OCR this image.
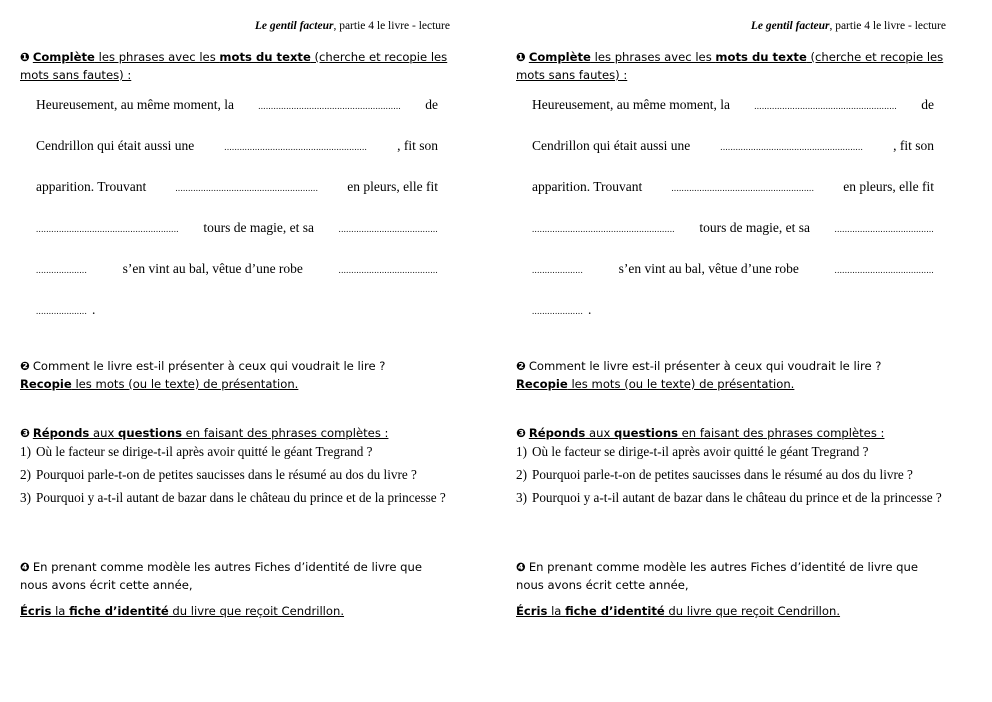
Le gentil facteur, partie 4 le livre - lecture
❶ Complète les phrases avec les mots du texte (cherche et recopie les mots sans fautes) :
Heureusement, au même moment, la	........................................................ de
Cendrillon qui était aussi une	........................................................ , fit son
apparition. Trouvant	........................................................ en pleurs, elle fit
........................................................ tours de magie, et sa	.......................................
....................	s’en vint au bal, vêtue d’une robe	.......................................
.................... .
❷ Comment le livre est-il présenter à ceux qui voudrait le lire ?
Recopie les mots (ou le texte) de présentation.
❸ Réponds aux questions en faisant des phrases complètes :
1) Où le facteur se dirige-t-il après avoir quitté le géant Tregrand ?
2) Pourquoi parle-t-on de petites saucisses dans le résumé au dos du livre ?
3) Pourquoi y a-t-il autant de bazar dans le château du prince et de la princesse ?
❹ En prenant comme modèle les autres Fiches d’identité de livre que nous avons écrit cette année,
Écris la fiche d’identité du livre que reçoit Cendrillon.
Le gentil facteur, partie 4 le livre - lecture
❶ Complète les phrases avec les mots du texte (cherche et recopie les mots sans fautes) :
Heureusement, au même moment, la	........................................................ de
Cendrillon qui était aussi une	........................................................ , fit son
apparition. Trouvant	........................................................ en pleurs, elle fit
........................................................ tours de magie, et sa	.......................................
....................	s’en vint au bal, vêtue d’une robe	.......................................
.................... .
❷ Comment le livre est-il présenter à ceux qui voudrait le lire ?
Recopie les mots (ou le texte) de présentation.
❸ Réponds aux questions en faisant des phrases complètes :
1) Où le facteur se dirige-t-il après avoir quitté le géant Tregrand ?
2) Pourquoi parle-t-on de petites saucisses dans le résumé au dos du livre ?
3) Pourquoi y a-t-il autant de bazar dans le château du prince et de la princesse ?
❹ En prenant comme modèle les autres Fiches d’identité de livre que nous avons écrit cette année,
Écris la fiche d’identité du livre que reçoit Cendrillon.
